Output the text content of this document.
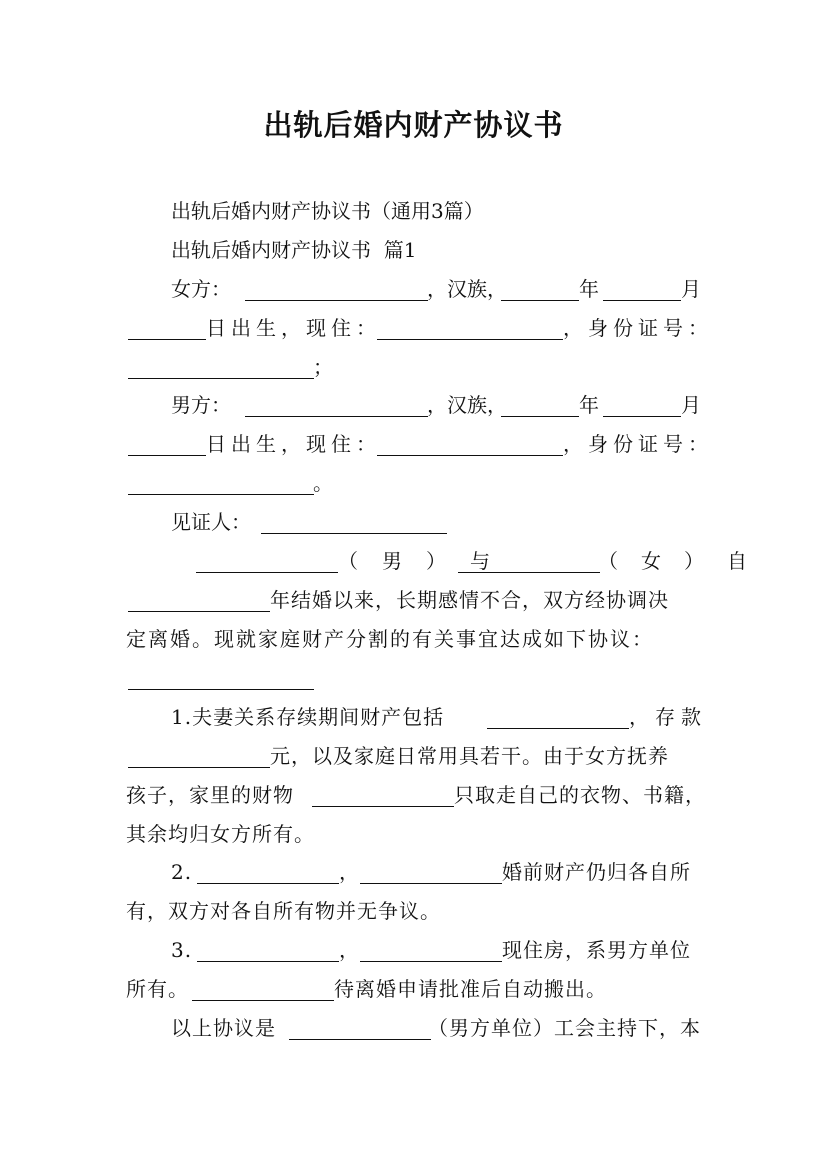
出轨后婚内财产协议书

出轨后婚内财产协议书（通用3篇）

出轨后婚内财产协议书  篇1

女方：	，汉族，	年	月

日出生，现住：	，身份证号：

；

男方：	，汉族，	年	月

日出生，现住：	，身份证号：

。

见证人：

（男）与	（女）自

年结婚以来，长期感情不合，双方经协调决

定离婚。现就家庭财产分割的有关事宜达成如下协议：

1.夫妻关系存续期间财产包括	，存款

元，以及家庭日常用具若干。由于女方抚养

孩子，家里的财物	只取走自己的衣物、书籍，

其余均归女方所有。

2.	，	婚前财产仍归各自所

有，双方对各自所有物并无争议。

3.	，	现住房，系男方单位

所有。	待离婚申请批准后自动搬出。

以上协议是	（男方单位）工会主持下，本
